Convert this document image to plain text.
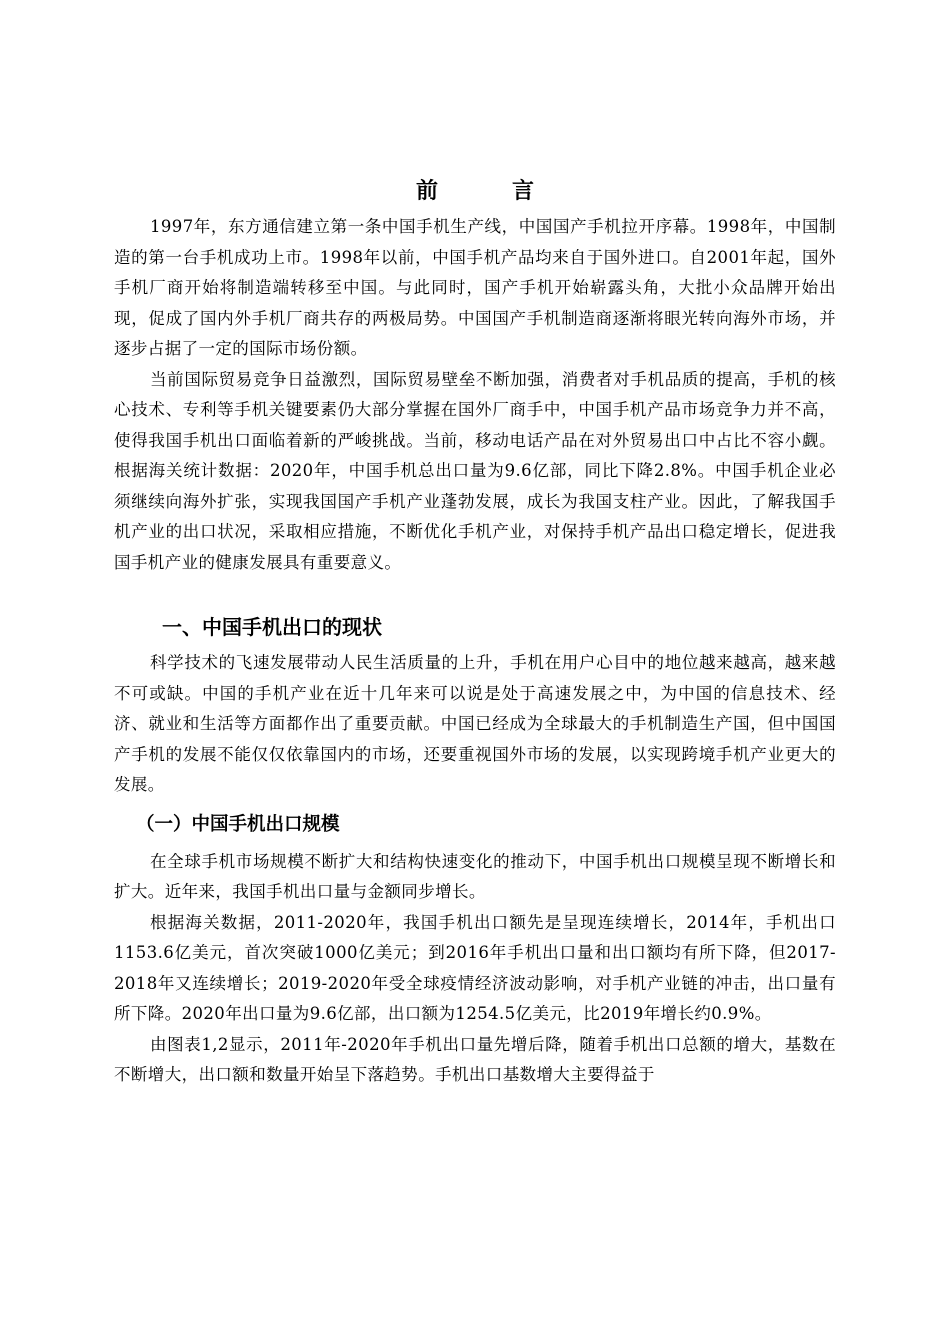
前　言

1997年，东方通信建立第一条中国手机生产线，中国国产手机拉开序幕。1998年，中国制造的第一台手机成功上市。1998年以前，中国手机产品均来自于国外进口。自2001年起，国外手机厂商开始将制造端转移至中国。与此同时，国产手机开始崭露头角，大批小众品牌开始出现，促成了国内外手机厂商共存的两极局势。中国国产手机制造商逐渐将眼光转向海外市场，并逐步占据了一定的国际市场份额。

当前国际贸易竞争日益激烈，国际贸易壁垒不断加强，消费者对手机品质的提高，手机的核心技术、专利等手机关键要素仍大部分掌握在国外厂商手中，中国手机产品市场竞争力并不高，使得我国手机出口面临着新的严峻挑战。当前，移动电话产品在对外贸易出口中占比不容小觑。根据海关统计数据：2020年，中国手机总出口量为9.6亿部，同比下降2.8%。中国手机企业必须继续向海外扩张，实现我国国产手机产业蓬勃发展，成长为我国支柱产业。因此，了解我国手机产业的出口状况，采取相应措施，不断优化手机产业，对保持手机产品出口稳定增长，促进我国手机产业的健康发展具有重要意义。

一、中国手机出口的现状

科学技术的飞速发展带动人民生活质量的上升，手机在用户心目中的地位越来越高，越来越不可或缺。中国的手机产业在近十几年来可以说是处于高速发展之中，为中国的信息技术、经济、就业和生活等方面都作出了重要贡献。中国已经成为全球最大的手机制造生产国，但中国国产手机的发展不能仅仅依靠国内的市场，还要重视国外市场的发展，以实现跨境手机产业更大的发展。

（一）中国手机出口规模

在全球手机市场规模不断扩大和结构快速变化的推动下，中国手机出口规模呈现不断增长和扩大。近年来，我国手机出口量与金额同步增长。

根据海关数据，2011-2020年，我国手机出口额先是呈现连续增长，2014年，手机出口1153.6亿美元，首次突破1000亿美元；到2016年手机出口量和出口额均有所下降，但2017-2018年又连续增长；2019-2020年受全球疫情经济波动影响，对手机产业链的冲击，出口量有所下降。2020年出口量为9.6亿部，出口额为1254.5亿美元，比2019年增长约0.9%。

由图表1,2显示，2011年-2020年手机出口量先增后降，随着手机出口总额的增大，基数在不断增大，出口额和数量开始呈下落趋势。手机出口基数增大主要得益于
